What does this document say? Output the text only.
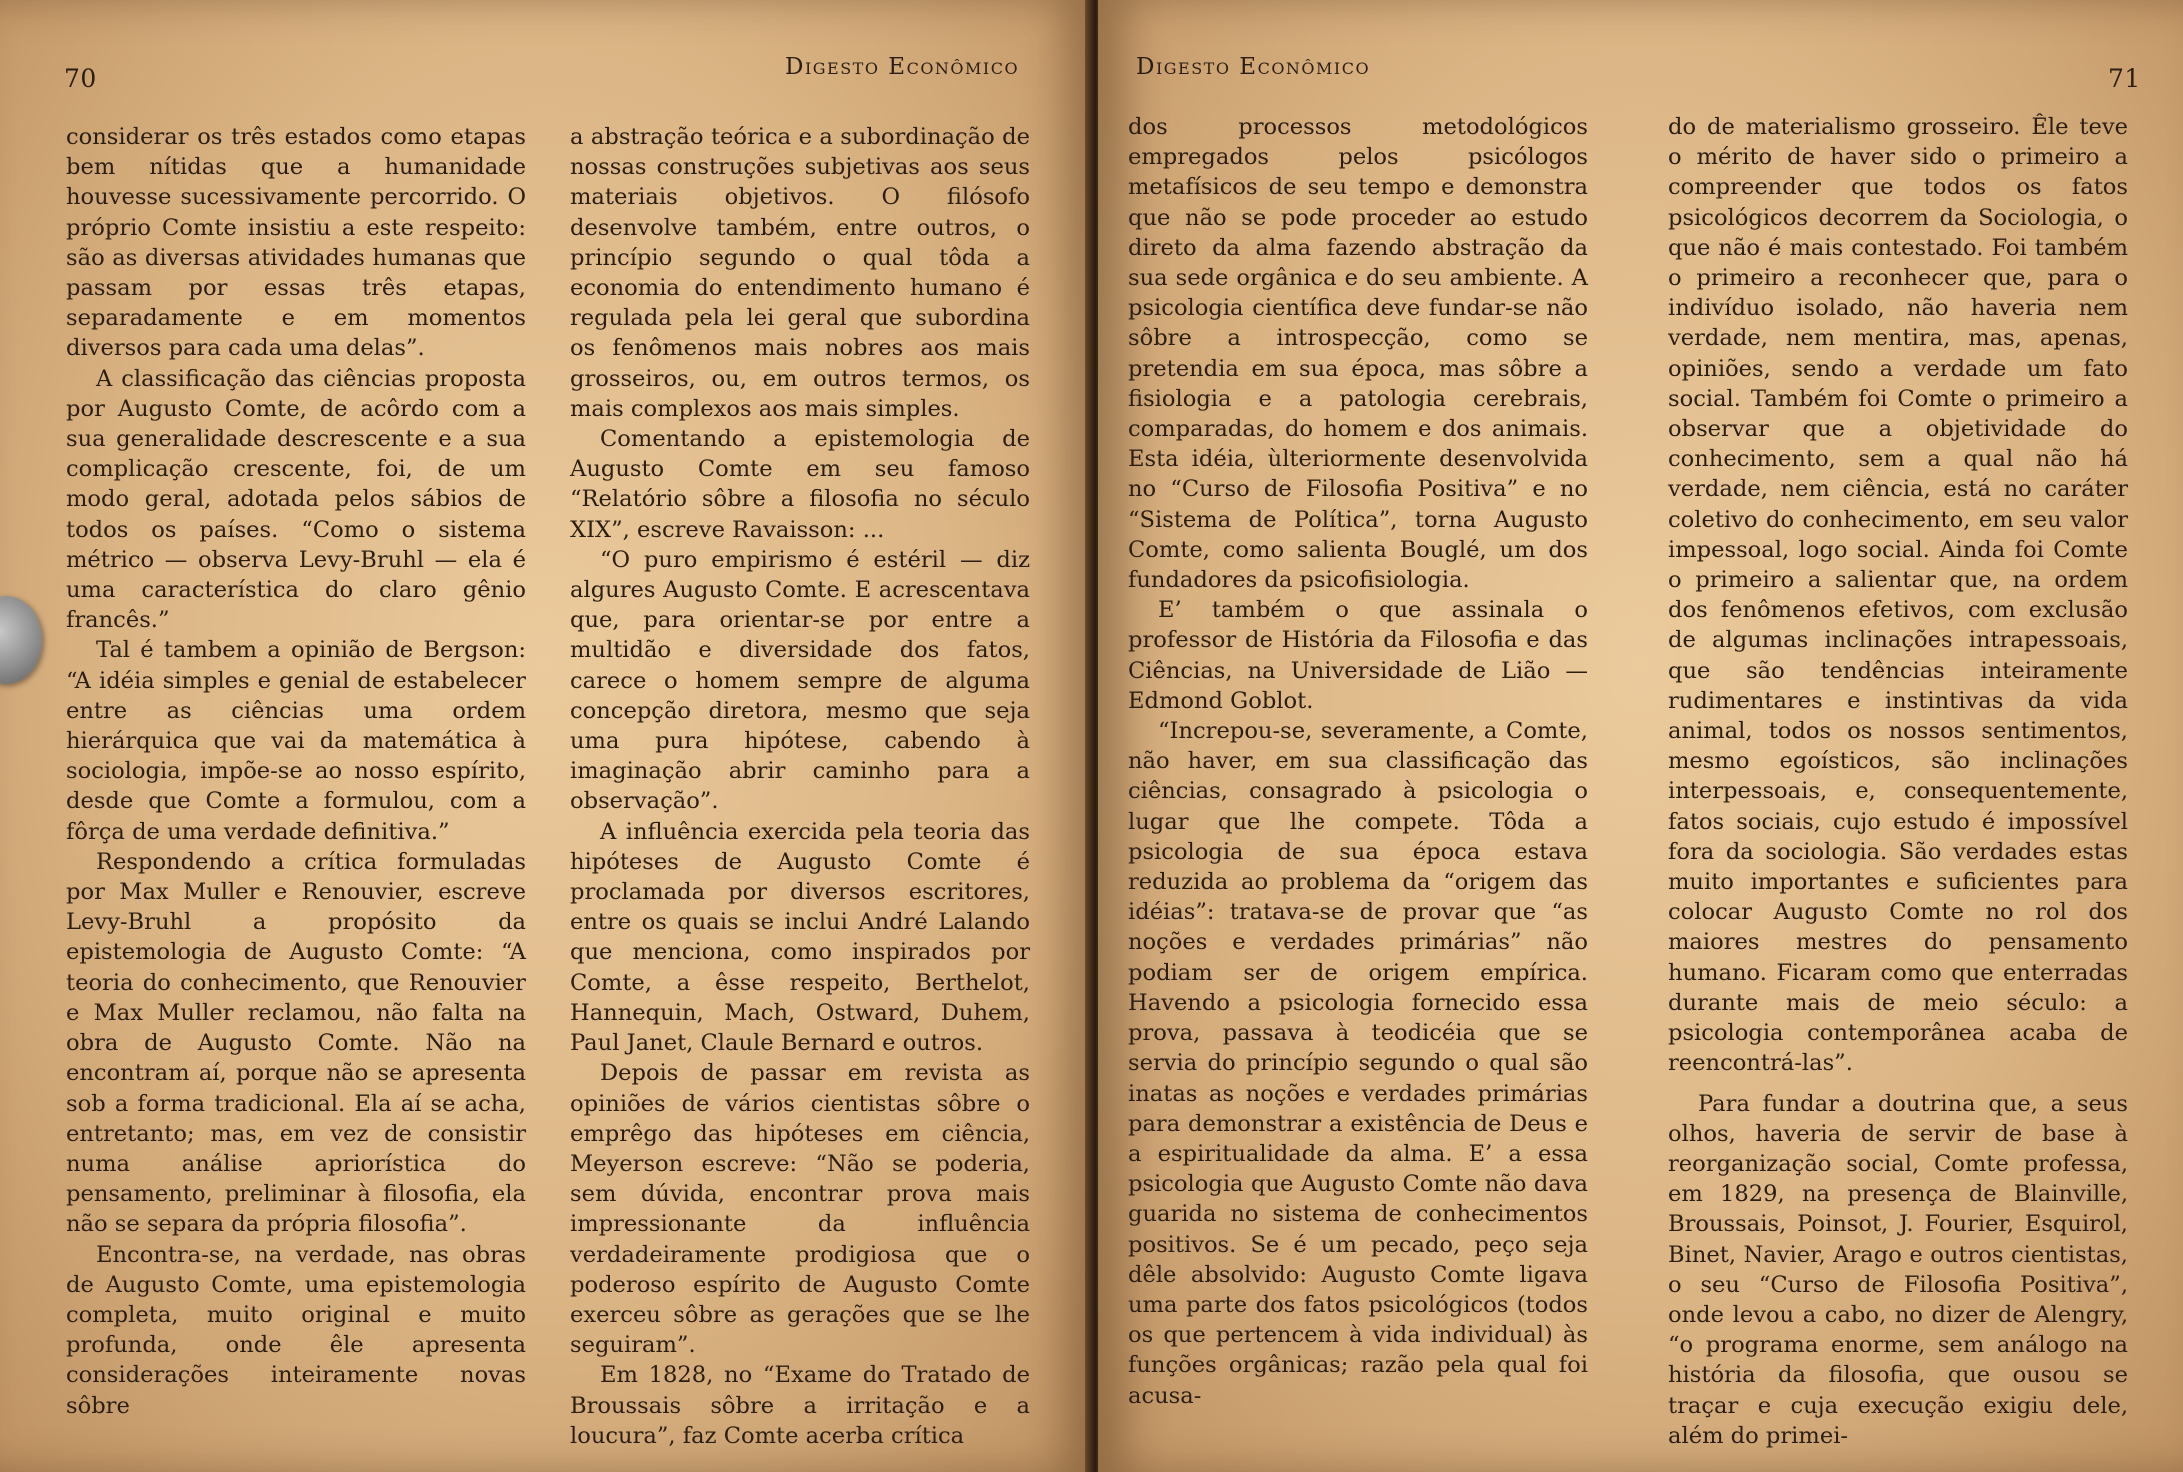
70	Digesto Econômico

considerar os três estados como etapas bem nítidas que a humanidade houvesse sucessivamente percorrido. O próprio Comte insistiu a este respeito: são as diversas atividades humanas que passam por essas três etapas, separadamente e em momentos diversos para cada uma delas”.

A classificação das ciências proposta por Augusto Comte, de acôrdo com a sua generalidade descrescente e a sua complicação crescente, foi, de um modo geral, adotada pelos sábios de todos os países. “Como o sistema métrico — observa Levy-Bruhl — ela é uma característica do claro gênio francês.”

Tal é tambem a opinião de Bergson: “A idéia simples e genial de estabelecer entre as ciências uma ordem hierárquica que vai da matemática à sociologia, impõe-se ao nosso espírito, desde que Comte a formulou, com a fôrça de uma verdade definitiva.”

Respondendo a crítica formuladas por Max Muller e Renouvier, escreve Levy-Bruhl a propósito da epistemologia de Augusto Comte: “A teoria do conhecimento, que Renouvier e Max Muller reclamou, não falta na obra de Augusto Comte. Não na encontram aí, porque não se apresenta sob a forma tradicional. Ela aí se acha, entretanto; mas, em vez de consistir numa análise apriorística do pensamento, preliminar à filosofia, ela não se separa da própria filosofia”.

Encontra-se, na verdade, nas obras de Augusto Comte, uma epistemologia completa, muito original e muito profunda, onde êle apresenta considerações inteiramente novas sôbre

a abstração teórica e a subordinação de nossas construções subjetivas aos seus materiais objetivos. O filósofo desenvolve também, entre outros, o princípio segundo o qual tôda a economia do entendimento humano é regulada pela lei geral que subordina os fenômenos mais nobres aos mais grosseiros, ou, em outros termos, os mais complexos aos mais simples.

Comentando a epistemologia de Augusto Comte em seu famoso “Relatório sôbre a filosofia no século XIX”, escreve Ravaisson: ...

“O puro empirismo é estéril — diz algures Augusto Comte. E acrescentava que, para orientar-se por entre a multidão e diversidade dos fatos, carece o homem sempre de alguma concepção diretora, mesmo que seja uma pura hipótese, cabendo à imaginação abrir caminho para a observação”.

A influência exercida pela teoria das hipóteses de Augusto Comte é proclamada por diversos escritores, entre os quais se inclui André Lalando que menciona, como inspirados por Comte, a êsse respeito, Berthelot, Hannequin, Mach, Ostward, Duhem, Paul Janet, Claule Bernard e outros.

Depois de passar em revista as opiniões de vários cientistas sôbre o emprêgo das hipóteses em ciência, Meyerson escreve: “Não se poderia, sem dúvida, encontrar prova mais impressionante da influência verdadeiramente prodigiosa que o poderoso espírito de Augusto Comte exerceu sôbre as gerações que se lhe seguiram”.

Em 1828, no “Exame do Tratado de Broussais sôbre a irritação e a loucura”, faz Comte acerba crítica

Digesto Econômico	71

dos processos metodológicos empregados pelos psicólogos metafísicos de seu tempo e demonstra que não se pode proceder ao estudo direto da alma fazendo abstração da sua sede orgânica e do seu ambiente. A psicologia científica deve fundar-se não sôbre a introspecção, como se pretendia em sua época, mas sôbre a fisiologia e a patologia cerebrais, comparadas, do homem e dos animais. Esta idéia, ùlteriormente desenvolvida no “Curso de Filosofia Positiva” e no “Sistema de Política”, torna Augusto Comte, como salienta Bouglé, um dos fundadores da psicofisiologia.

E’ também o que assinala o professor de História da Filosofia e das Ciências, na Universidade de Lião — Edmond Goblot.

“Increpou-se, severamente, a Comte, não haver, em sua classificação das ciências, consagrado à psicologia o lugar que lhe compete. Tôda a psicologia de sua época estava reduzida ao problema da “origem das idéias”: tratava-se de provar que “as noções e verdades primárias” não podiam ser de origem empírica. Havendo a psicologia fornecido essa prova, passava à teodicéia que se servia do princípio segundo o qual são inatas as noções e verdades primárias para demonstrar a existência de Deus e a espiritualidade da alma. E’ a essa psicologia que Augusto Comte não dava guarida no sistema de conhecimentos positivos. Se é um pecado, peço seja dêle absolvido: Augusto Comte ligava uma parte dos fatos psicológicos (todos os que pertencem à vida individual) às funções orgânicas; razão pela qual foi acusa-

do de materialismo grosseiro. Êle teve o mérito de haver sido o primeiro a compreender que todos os fatos psicológicos decorrem da Sociologia, o que não é mais contestado. Foi também o primeiro a reconhecer que, para o indivíduo isolado, não haveria nem verdade, nem mentira, mas, apenas, opiniões, sendo a verdade um fato social. Também foi Comte o primeiro a observar que a objetividade do conhecimento, sem a qual não há verdade, nem ciência, está no caráter coletivo do conhecimento, em seu valor impessoal, logo social. Ainda foi Comte o primeiro a salientar que, na ordem dos fenômenos efetivos, com exclusão de algumas inclinações intrapessoais, que são tendências inteiramente rudimentares e instintivas da vida animal, todos os nossos sentimentos, mesmo egoísticos, são inclinações interpessoais, e, consequentemente, fatos sociais, cujo estudo é impossível fora da sociologia. São verdades estas muito importantes e suficientes para colocar Augusto Comte no rol dos maiores mestres do pensamento humano. Ficaram como que enterradas durante mais de meio século: a psicologia contemporânea acaba de reencontrá-las”.

Para fundar a doutrina que, a seus olhos, haveria de servir de base à reorganização social, Comte professa, em 1829, na presença de Blainville, Broussais, Poinsot, J. Fourier, Esquirol, Binet, Navier, Arago e outros cientistas, o seu “Curso de Filosofia Positiva”, onde levou a cabo, no dizer de Alengry, “o programa enorme, sem análogo na história da filosofia, que ousou se traçar e cuja execução exigiu dele, além do primei-
